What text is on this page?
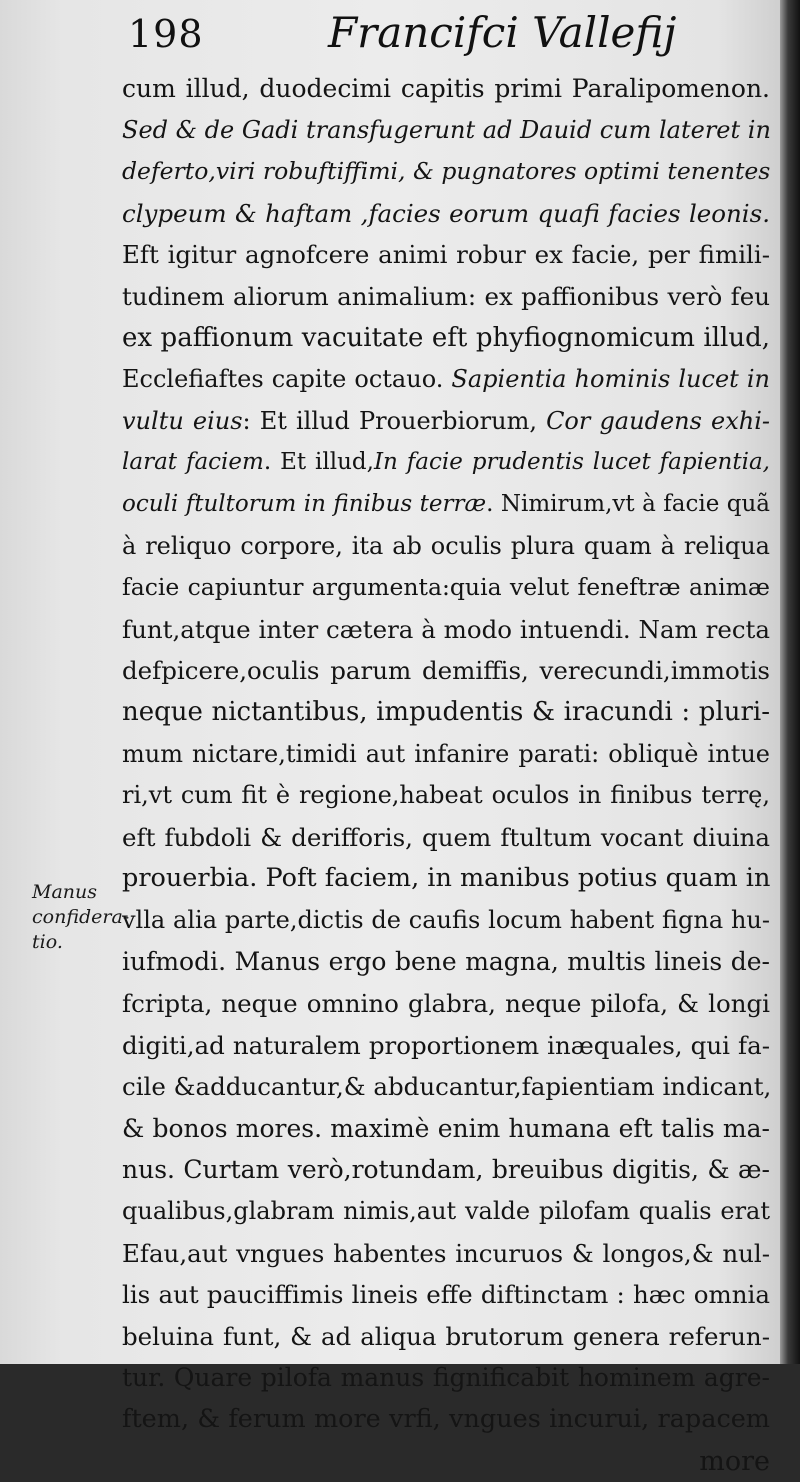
198	Francifci Vallefij
Manus
confidera-
tio.
cum illud, duodecimi capitis primi Paralipomenon.
Sed & de Gadi transfugerunt ad Dauid cum lateret in
deferto,viri robuftiffimi, & pugnatores optimi tenentes
clypeum & haftam ,facies eorum quafi facies leonis.
Eft igitur agnofcere animi robur ex facie, per fimili-
tudinem aliorum animalium: ex paffionibus verò feu
ex paffionum vacuitate eft phyfiognomicum illud,
Ecclefiaftes capite octauo. Sapientia hominis lucet in
vultu eius: Et illud Prouerbiorum, Cor gaudens exhi-
larat faciem. Et illud,In facie prudentis lucet fapientia,
oculi ftultorum in finibus terræ. Nimirum,vt à facie quã
à reliquo corpore, ita ab oculis plura quam à reliqua
facie capiuntur argumenta:quia velut feneftræ animæ
funt,atque inter cætera à modo intuendi. Nam recta
defpicere,oculis parum demiffis, verecundi,immotis
neque nictantibus, impudentis & iracundi : pluri-
mum nictare,timidi aut infanire parati: obliquè intue
ri,vt cum fit è regione,habeat oculos in finibus terrę,
eft fubdoli & derifforis, quem ftultum vocant diuina
prouerbia. Poft faciem, in manibus potius quam in
vlla alia parte,dictis de caufis locum habent figna hu-
iufmodi. Manus ergo bene magna, multis lineis de-
fcripta, neque omnino glabra, neque pilofa, & longi
digiti,ad naturalem proportionem inæquales, qui fa-
cile &adducantur,& abducantur,fapientiam indicant,
& bonos mores. maximè enim humana eft talis ma-
nus. Curtam verò,rotundam, breuibus digitis, & æ-
qualibus,glabram nimis,aut valde pilofam qualis erat
Efau,aut vngues habentes incuruos & longos,& nul-
lis aut pauciffimis lineis effe diftinctam : hæc omnia
beluina funt, & ad aliqua brutorum genera referun-
tur. Quare pilofa manus fignificabit hominem agre-
ftem, & ferum more vrfi, vngues incurui, rapacem
more
